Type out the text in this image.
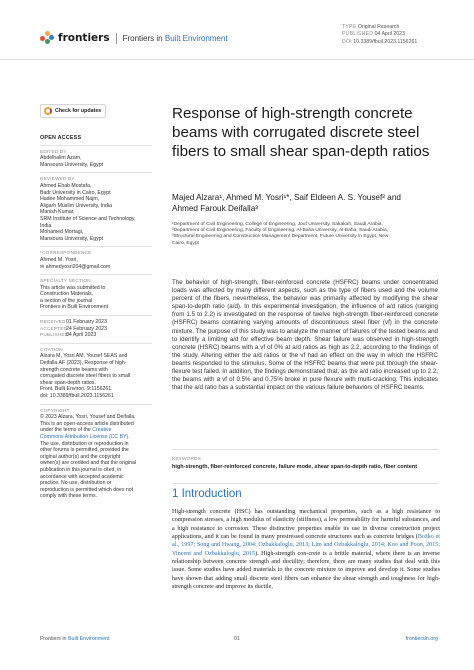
frontiers Frontiers in Built Environment
TYPE Original Research
PUBLISHED 04 April 2023
DOI 10.3389/fbuil.2023.1156261
Check for updates
OPEN ACCESS
EDITED BY
Abdelhalim Azam,
Mansoura University, Egypt
REVIEWED BY
Ahmed Ehab Mostafa,
Badr University in Cairo, Egypt
Hadee Mohammed Najm,
Aligarh Muslim University, India
Manish Kumar,
SRM Institute of Science and Technology,
India
Mohamed Mortagi,
Mansoura University, Egypt
*CORRESPONDENCE
Ahmed M. Yosri,
✉ ahmedyosri204@gmail.com
SPECIALTY SECTION
This article was submitted to
Construction Materials,
a section of the journal
Frontiers in Built Environment
RECEIVED 01 February 2023
ACCEPTED
24 February 2023
PUBLISHED
04 April 2023
CITATION
Alzara M, Yosri AM, Yousef SEAS and
Deifalla AF (2023), Response of high-
strength concrete beams with
corrugated discrete steel fibers to small
shear span-depth ratios.
Front. Built Environ. 9:1156261.
doi: 10.3389/fbuil.2023.1156261
COPYRIGHT
© 2023 Alzara, Yosri, Yousef and Deifalla.
This is an open-access article distributed
under the terms of the Creative
Commons Attribution License (CC BY).
The use, distribution or reproduction in
other forums is permitted, provided the
original author(s) and the copyright
owner(s) are credited and that the original
publication in this journal is cited, in
accordance with accepted academic
practice. No use, distribution or
reproduction is permitted which does not
comply with these terms.
Response of high-strength concrete beams with corrugated discrete steel fibers to small shear span-depth ratios
Majed Alzara¹, Ahmed M. Yosri¹*, Saif Eldeen A. S. Yousef² and
Ahmed Farouk Deifalla³
¹Department of Civil Engineering, College of Engineering, Jouf University, Sakakah, Saudi Arabia,
²Department of Civil Engineering, Faculty of Engineering, Al-Baha University, Al-Baha, Saudi Arabia,
³Structural Engineering and Construction Management Department, Future University in Egypt, New
Cairo, Egypt
The behavior of high-strength, fiber-reinforced concrete (HSFRC) beams under concentrated loads was affected by many different aspects, such as the type of fibers used and the volume percent of the fibers, nevertheless, the behavior was primarily affected by modifying the shear span-to-depth ratio (a/d). In this experimental investigation, the influence of a/d ratios (ranging from 1.5 to 2.2) is investigated on the response of twelve high-strength fiber-reinforced concrete (HSFRC) beams containing varying amounts of discontinuous steel fiber (vf) in the concrete mixture. The purpose of this study was to analyze the manner of failures of the tested beams and to identify a limiting a/d for effective beam depth. Shear failure was observed in high-strength concrete (HSRC) beams with a vf of 0% at a/d ratios as high as 2.2, according to the findings of the study. Altering either the a/d ratios or the vf had an effect on the way in which the HSFRC beams responded to the stimulus. Some of the HSFRC beams that were put through the shear-flexure test failed. In addition, the findings demonstrated that, as the a/d ratio increased up to 2.2, the beams with a vf of 0.5% and 0.75% broke in pure flexure with multi-cracking. This indicates that the a/d ratio has a substantial impact on the various failure behaviors of HSFRC beams.
KEYWORDS
high-strength, fiber-reinforced concrete, failure mode, shear span-to-depth ratio, fiber content
1 Introduction

High-strength concrete (HSC) has outstanding mechanical properties, such as a high resistance to compression stresses, a high modulus of elasticity (stiffness), a low permeability for harmful substances, and a high resistance to corrosion. These distinctive properties enable its use in diverse construction project applications, and it can be found in many prestressed concrete structures such as concrete bridges (Bożko et al., 1997; Song and Hwang, 2004; Ozbakkaloglu, 2013; Lim and Ozbakkaloglu, 2014; Koo and Poon, 2015; Vincent and Ozbakkaloglu, 2015). High-strength con-crete is a brittle material, where there is an inverse relationship between concrete strength and ductility; therefore, there are many studies that deal with this issue. Some studies have added materials to the concrete mixture to improve and develop it. Some studies have shown that adding small discrete steel fibers can enhance the shear strength and toughness for high-strength concrete and improve its ductile,

Frontiers in Built Environment	01	frontiersin.org
